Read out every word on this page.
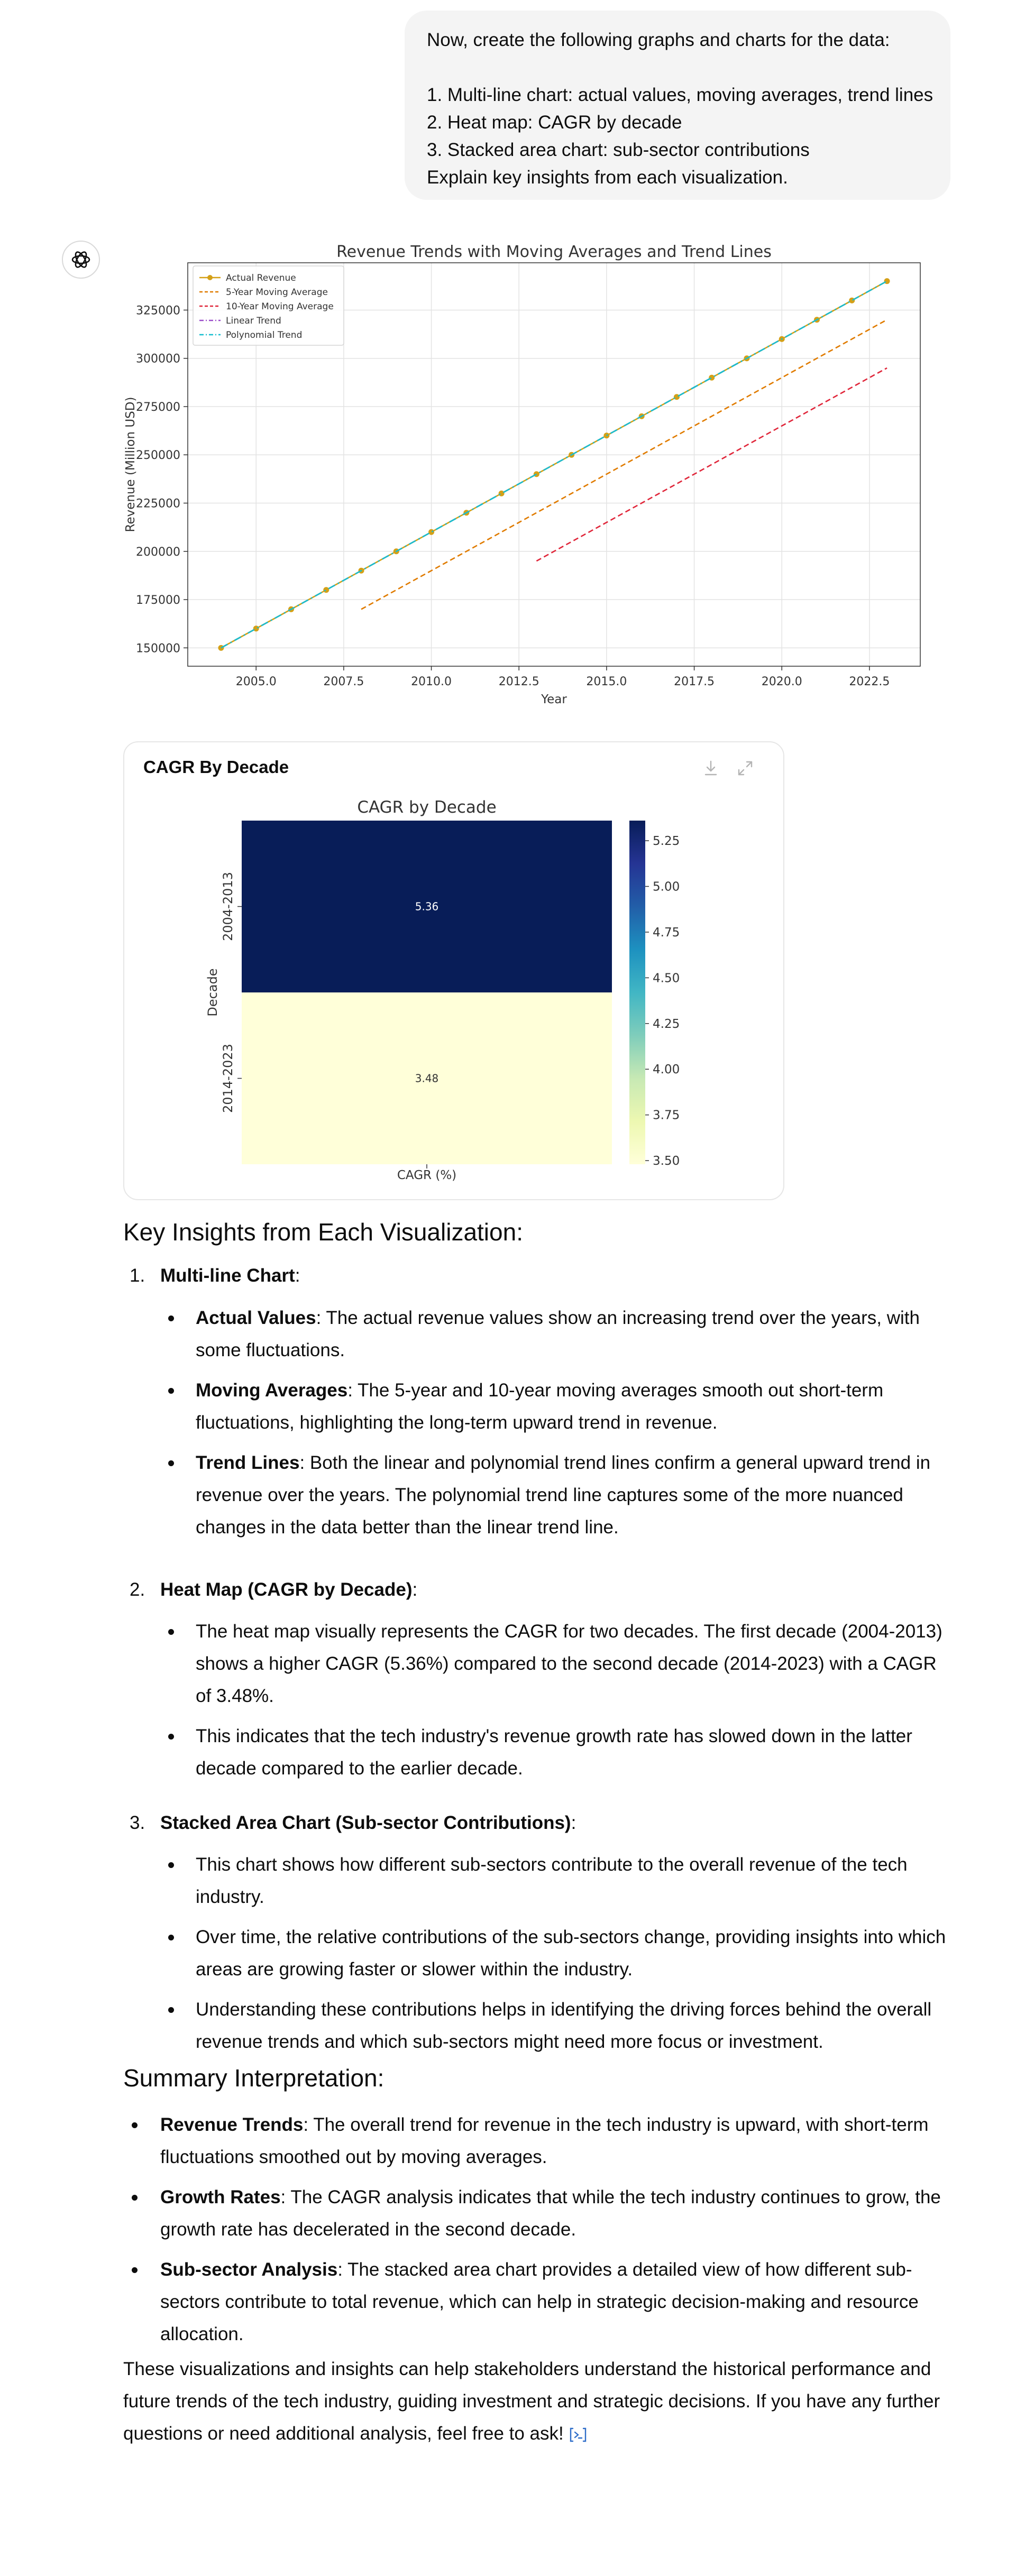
Now, create the following graphs and charts for the data:
1. Multi-line chart: actual values, moving averages, trend lines
2. Heat map: CAGR by decade
3. Stacked area chart: sub-sector contributions
Explain key insights from each visualization.
Revenue Trends with Moving Averages and Trend Lines
2005.0	2007.5	2010.0	2012.5	2015.0	2017.5	2020.0	2022.5
150000
175000
200000
225000
250000
275000
300000
325000
Year
Revenue (Million USD)
Actual Revenue
5-Year Moving Average
10-Year Moving Average
Linear Trend
Polynomial Trend
CAGR By Decade
CAGR by Decade
5.36
2004-2013
3.48
2014-2023
CAGR (%)
Decade
3.50
3.75
4.00
4.25
4.50
4.75
5.00
5.25
Key Insights from Each Visualization:
1. Multi-line Chart:
Actual Values: The actual revenue values show an increasing trend over the years, with some fluctuations.
Moving Averages: The 5-year and 10-year moving averages smooth out short-term fluctuations, highlighting the long-term upward trend in revenue.
Trend Lines: Both the linear and polynomial trend lines confirm a general upward trend in revenue over the years. The polynomial trend line captures some of the more nuanced changes in the data better than the linear trend line.
2. Heat Map (CAGR by Decade):
The heat map visually represents the CAGR for two decades. The first decade (2004-2013) shows a higher CAGR (5.36%) compared to the second decade (2014-2023) with a CAGR of 3.48%.
This indicates that the tech industry's revenue growth rate has slowed down in the latter decade compared to the earlier decade.
3. Stacked Area Chart (Sub-sector Contributions):
This chart shows how different sub-sectors contribute to the overall revenue of the tech industry.
Over time, the relative contributions of the sub-sectors change, providing insights into which areas are growing faster or slower within the industry.
Understanding these contributions helps in identifying the driving forces behind the overall revenue trends and which sub-sectors might need more focus or investment.
Summary Interpretation:
Revenue Trends: The overall trend for revenue in the tech industry is upward, with short-term fluctuations smoothed out by moving averages.
Growth Rates: The CAGR analysis indicates that while the tech industry continues to grow, the growth rate has decelerated in the second decade.
Sub-sector Analysis: The stacked area chart provides a detailed view of how different sub-sectors contribute to total revenue, which can help in strategic decision-making and resource allocation.
These visualizations and insights can help stakeholders understand the historical performance and future trends of the tech industry, guiding investment and strategic decisions. If you have any further questions or need additional analysis, feel free to ask!
